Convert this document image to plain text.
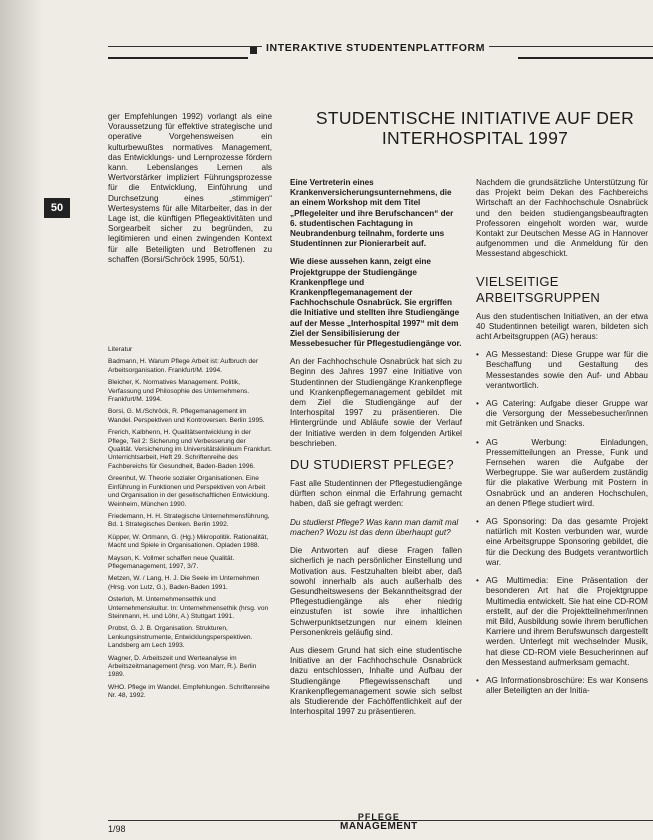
INTERAKTIVE STUDENTENPLATTFORM
50

ger Empfehlungen 1992) vorlangt als eine Voraussetzung für effektive strategische und operative Vorgehensweisen ein kulturbewußtes normatives Management, das Entwicklungs- und Lernprozesse fördern kann. Lebenslanges Lernen als Wertvorstärker impliziert Führungsprozesse für die Entwicklung, Einführung und Durchsetzung eines „stimmigen“ Wertesystems für alle Mitarbeiter, das in der Lage ist, die künftigen Pflegeaktivitäten und Sorgearbeit sicher zu begründen, zu legitimieren und einen zwingenden Kontext für alle Beteiligten und Betroffenen zu schaffen (Borsi/Schröck 1995, 50/51).

Literatur

Badmann, H. Warum Pflege Arbeit ist: Aufbruch der Arbeitsorganisation. Frankfurt/M. 1994.

Bleicher, K. Normatives Management. Politik, Verfassung und Philosophie des Unternehmens. Frankfurt/M. 1994.

Borsi, G. M./Schröck, R. Pflegemanagement im Wandel. Perspektiven und Kontroversen. Berlin 1995.

Frerich, Kalbhenn, H. Qualitätsentwicklung in der Pflege, Teil 2: Sicherung und Verbesserung der Qualität. Versicherung im Universitätsklinikum Frankfurt. Unterrichtsarbeit, Heft 29. Schriftenreihe des Fachbereichs für Gesundheit, Baden-Baden 1996.

Greenhut, W. Theorie sozialer Organisationen. Eine Einführung in Funktionen und Perspektiven von Arbeit und Organisation in der gesellschaftlichen Entwicklung. Weinheim, München 1990.

Friedemann, H. H. Strategische Unternehmensführung, Bd. 1 Strategisches Denken. Berlin 1992.

Küpper, W. Ortmann, G. (Hg.) Mikropolitik. Rationalität, Macht und Spiele in Organisationen. Opladen 1988.

Mayson, K. Vollmer schaffen neue Qualität. Pflegemanagement, 1997, 3/7.

Metzen, W. / Lang, H. J. Die Seele im Unternehmen (Hrsg. von Lutz, G.), Baden-Baden 1991.

Osterloh, M. Unternehmensethik und Unternehmenskultur. In: Unternehmensethik (hrsg. von Steinmann, H. und Löhr, A.) Stuttgart 1991.

Probst, G. J. B. Organisation. Strukturen, Lenkungsinstrumente, Entwicklungsperspektiven. Landsberg am Lech 1993.

Wagner, D. Arbeitszeit und Werteanalyse im Arbeitszeitmanagement (hrsg. von Marr, R.). Berlin 1989.

WHO. Pflege im Wandel. Empfehlungen. Schriftenreihe Nr. 48, 1992.

STUDENTISCHE INITIATIVE AUF DER INTERHOSPITAL 1997

Eine Vertreterin eines Krankenversicherungsunternehmens, die an einem Workshop mit dem Titel „Pflegeleiter und ihre Berufschancen“ der 6. studentischen Fachtagung in Neubrandenburg teilnahm, forderte uns Studentinnen zur Pionierarbeit auf.

Wie diese aussehen kann, zeigt eine Projektgruppe der Studiengänge Krankenpflege und Krankenpflegemanagement der Fachhochschule Osnabrück. Sie ergriffen die Initiative und stellten ihre Studiengänge auf der Messe „Interhospital 1997“ mit dem Ziel der Sensibilisierung der Messebesucher für Pflegestudiengänge vor.

An der Fachhochschule Osnabrück hat sich zu Beginn des Jahres 1997 eine Initiative von Studentinnen der Studiengänge Krankenpflege und Krankenpflegemanagement gebildet mit dem Ziel die Studiengänge auf der Interhospital 1997 zu präsentieren. Die Hintergründe und Abläufe sowie der Verlauf der Initiative werden in dem folgenden Artikel beschrieben.

DU STUDIERST PFLEGE?

Fast alle Studentinnen der Pflegestudiengänge dürften schon einmal die Erfahrung gemacht haben, daß sie gefragt werden:

Du studierst Pflege? Was kann man damit mal machen? Wozu ist das denn überhaupt gut?

Die Antworten auf diese Fragen fallen sicherlich je nach persönlicher Einstellung und Motivation aus. Festzuhalten bleibt aber, daß sowohl innerhalb als auch außerhalb des Gesundheitswesens der Bekanntheitsgrad der Pflegestudiengänge als eher niedrig einzustufen ist sowie ihre inhaltlichen Schwerpunktsetzungen nur einem kleinen Personenkreis geläufig sind.

Aus diesem Grund hat sich eine studentische Initiative an der Fachhochschule Osnabrück dazu entschlossen, Inhalte und Aufbau der Studiengänge Pflegewissenschaft und Krankenpflegemanagement sowie sich selbst als Studierende der Fachöffentlichkeit auf der Interhospital 1997 zu präsentieren.

Nachdem die grundsätzliche Unterstützung für das Projekt beim Dekan des Fachbereichs Wirtschaft an der Fachhochschule Osnabrück und den beiden studiengangsbeauftragten Professoren eingeholt worden war, wurde Kontakt zur Deutschen Messe AG in Hannover aufgenommen und die Anmeldung für den Messestand abgeschickt.

VIELSEITIGE ARBEITSGRUPPEN

Aus den studentischen Initiativen, an der etwa 40 Studentinnen beteiligt waren, bildeten sich acht Arbeitsgruppen (AG) heraus:

• AG Messestand: Diese Gruppe war für die Beschaffung und Gestaltung des Messestandes sowie den Auf- und Abbau verantwortlich.
• AG Catering: Aufgabe dieser Gruppe war die Versorgung der Messebesucher/innen mit Getränken und Snacks.
• AG Werbung: Einladungen, Pressemitteilungen an Presse, Funk und Fernsehen waren die Aufgabe der Werbegruppe. Sie war außerdem zuständig für die plakative Werbung mit Postern in Osnabrück und an anderen Hochschulen, an denen Pflege studiert wird.
• AG Sponsoring: Da das gesamte Projekt natürlich mit Kosten verbunden war, wurde eine Arbeitsgruppe Sponsoring gebildet, die für die Deckung des Budgets verantwortlich war.
• AG Multimedia: Eine Präsentation der besonderen Art hat die Projektgruppe Multimedia entwickelt. Sie hat eine CD-ROM erstellt, auf der die Projektteilnehmer/innen mit Bild, Ausbildung sowie ihrem beruflichen Karriere und ihrem Berufswunsch dargestellt werden. Unterlegt mit wechselnder Musik, hat diese CD-ROM viele Besucherinnen auf den Messestand aufmerksam gemacht.
• AG Informationsbroschüre: Es war Konsens aller Beteiligten an der Initia-
1/98
PFLEGE
MANAGEMENT
